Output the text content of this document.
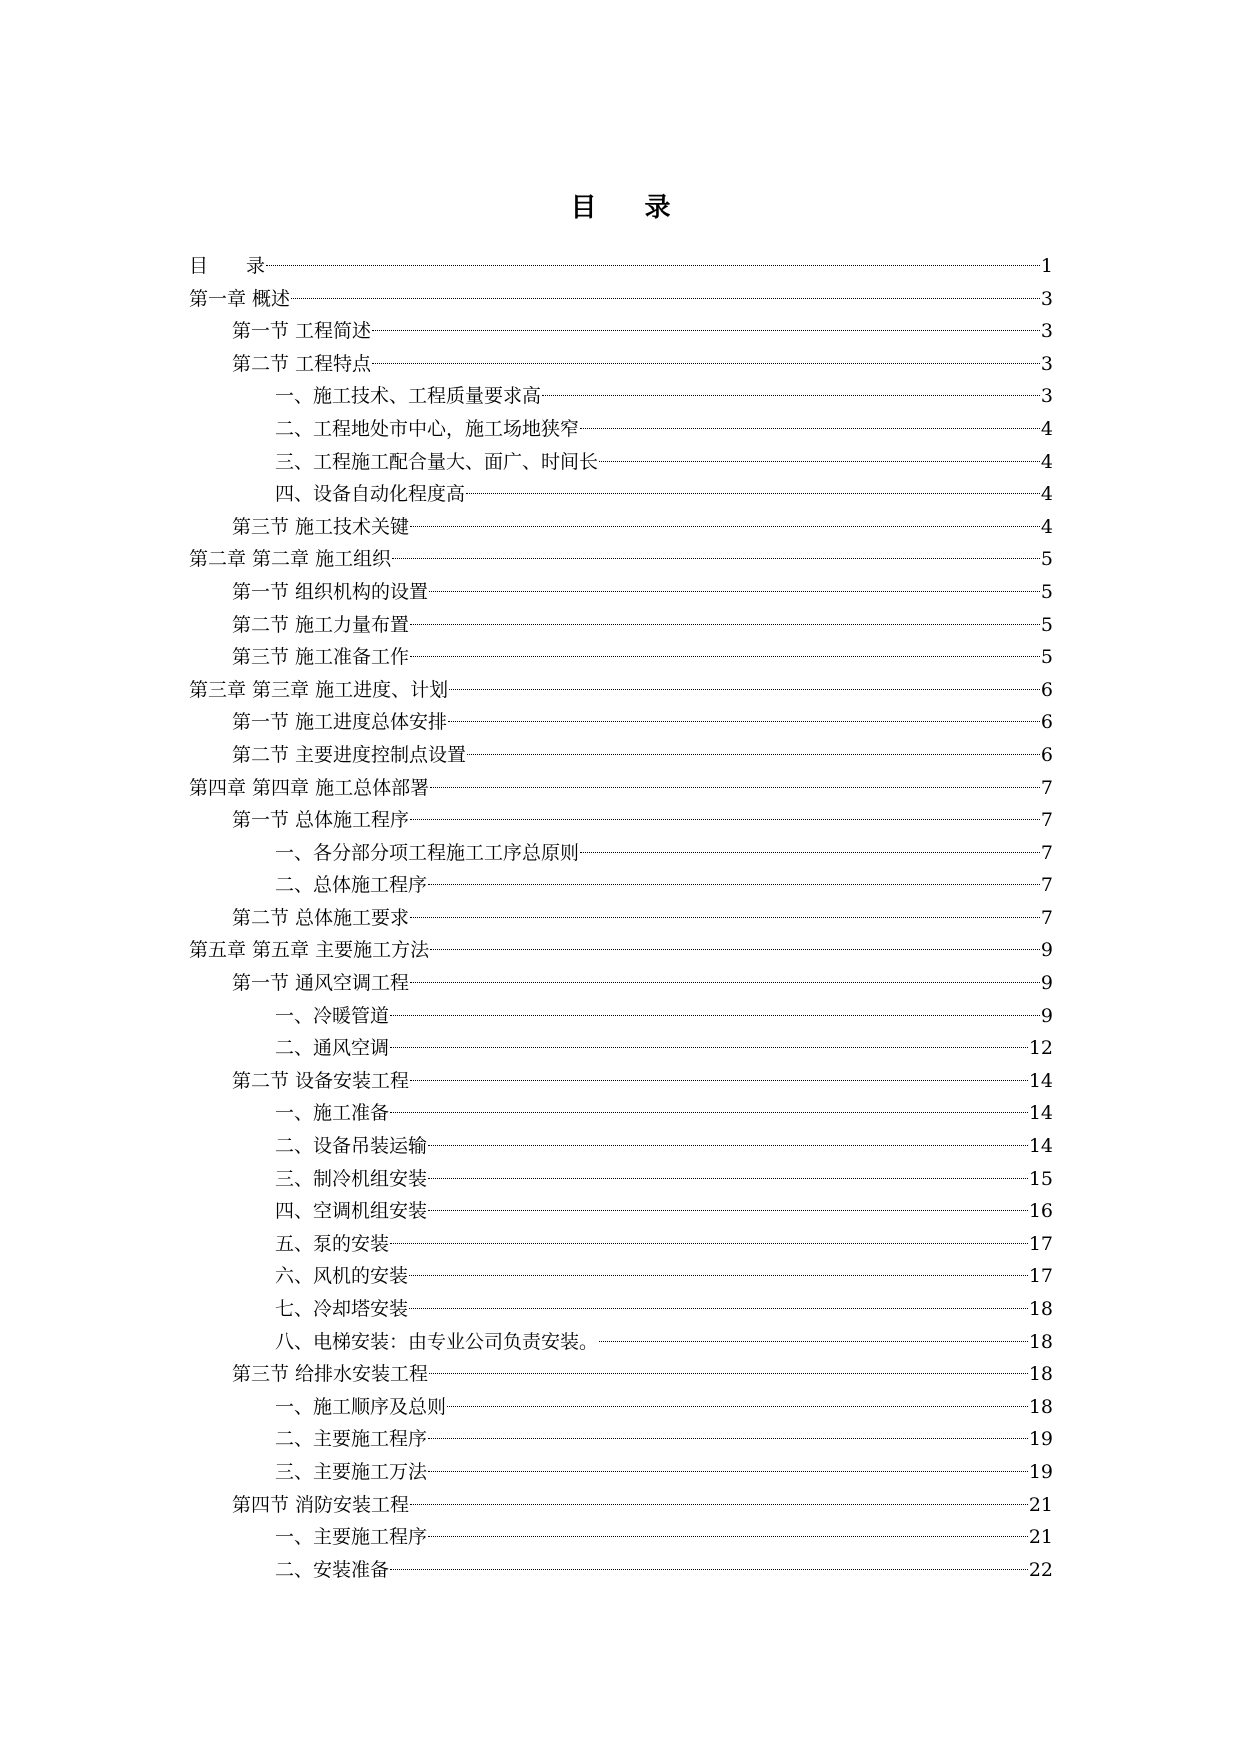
目 录
目　　录	1
第一章 概述	3
第一节 工程简述	3
第二节 工程特点	3
一、施工技术、工程质量要求高	3
二、工程地处市中心，施工场地狭窄	4
三、工程施工配合量大、面广、时间长	4
四、设备自动化程度高	4
第三节 施工技术关键	4
第二章 第二章 施工组织	5
第一节 组织机构的设置	5
第二节 施工力量布置	5
第三节 施工准备工作	5
第三章 第三章 施工进度、计划	6
第一节 施工进度总体安排	6
第二节 主要进度控制点设置	6
第四章 第四章 施工总体部署	7
第一节 总体施工程序	7
一、各分部分项工程施工工序总原则	7
二、总体施工程序	7
第二节 总体施工要求	7
第五章 第五章 主要施工方法	9
第一节 通风空调工程	9
一、冷暖管道	9
二、通风空调	12
第二节 设备安装工程	14
一、施工准备	14
二、设备吊装运输	14
三、制冷机组安装	15
四、空调机组安装	16
五、泵的安装	17
六、风机的安装	17
七、冷却塔安装	18
八、电梯安装：由专业公司负责安装。	18
第三节 给排水安装工程	18
一、施工顺序及总则	18
二、主要施工程序	19
三、主要施工万法	19
第四节 消防安装工程	21
一、主要施工程序	21
二、安装准备	22
